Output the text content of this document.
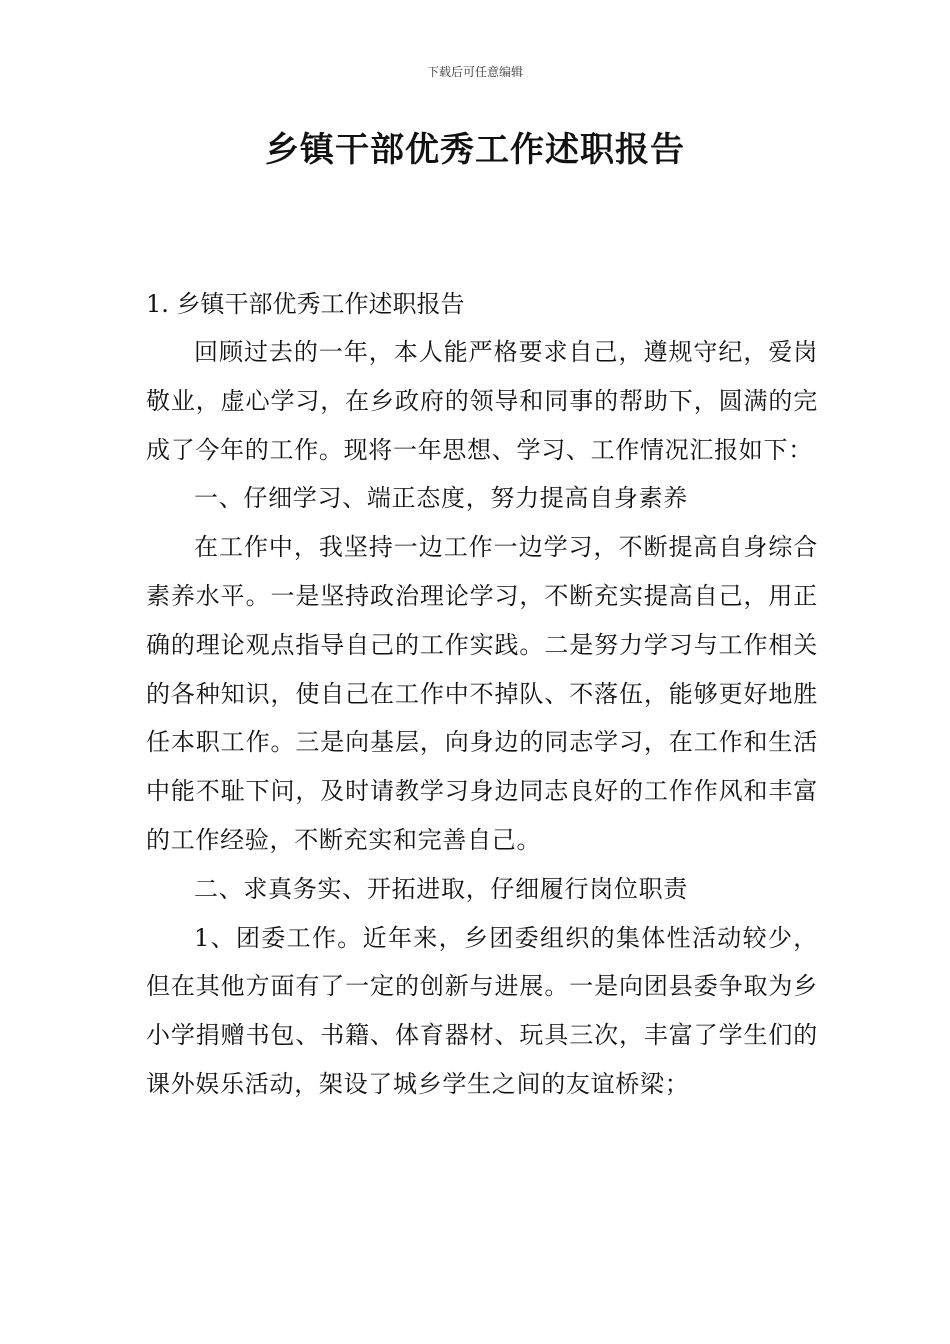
下载后可任意编辑
乡镇干部优秀工作述职报告
1. 乡镇干部优秀工作述职报告

回顾过去的一年，本人能严格要求自己，遵规守纪，爱岗敬业，虚心学习，在乡政府的领导和同事的帮助下，圆满的完成了今年的工作。现将一年思想、学习、工作情况汇报如下：

一、仔细学习、端正态度，努力提高自身素养

在工作中，我坚持一边工作一边学习，不断提高自身综合素养水平。一是坚持政治理论学习，不断充实提高自己，用正确的理论观点指导自己的工作实践。二是努力学习与工作相关的各种知识，使自己在工作中不掉队、不落伍，能够更好地胜任本职工作。三是向基层，向身边的同志学习，在工作和生活中能不耻下问，及时请教学习身边同志良好的工作作风和丰富的工作经验，不断充实和完善自己。

二、求真务实、开拓进取，仔细履行岗位职责

1、团委工作。近年来，乡团委组织的集体性活动较少，但在其他方面有了一定的创新与进展。一是向团县委争取为乡小学捐赠书包、书籍、体育器材、玩具三次，丰富了学生们的课外娱乐活动，架设了城乡学生之间的友谊桥梁；
